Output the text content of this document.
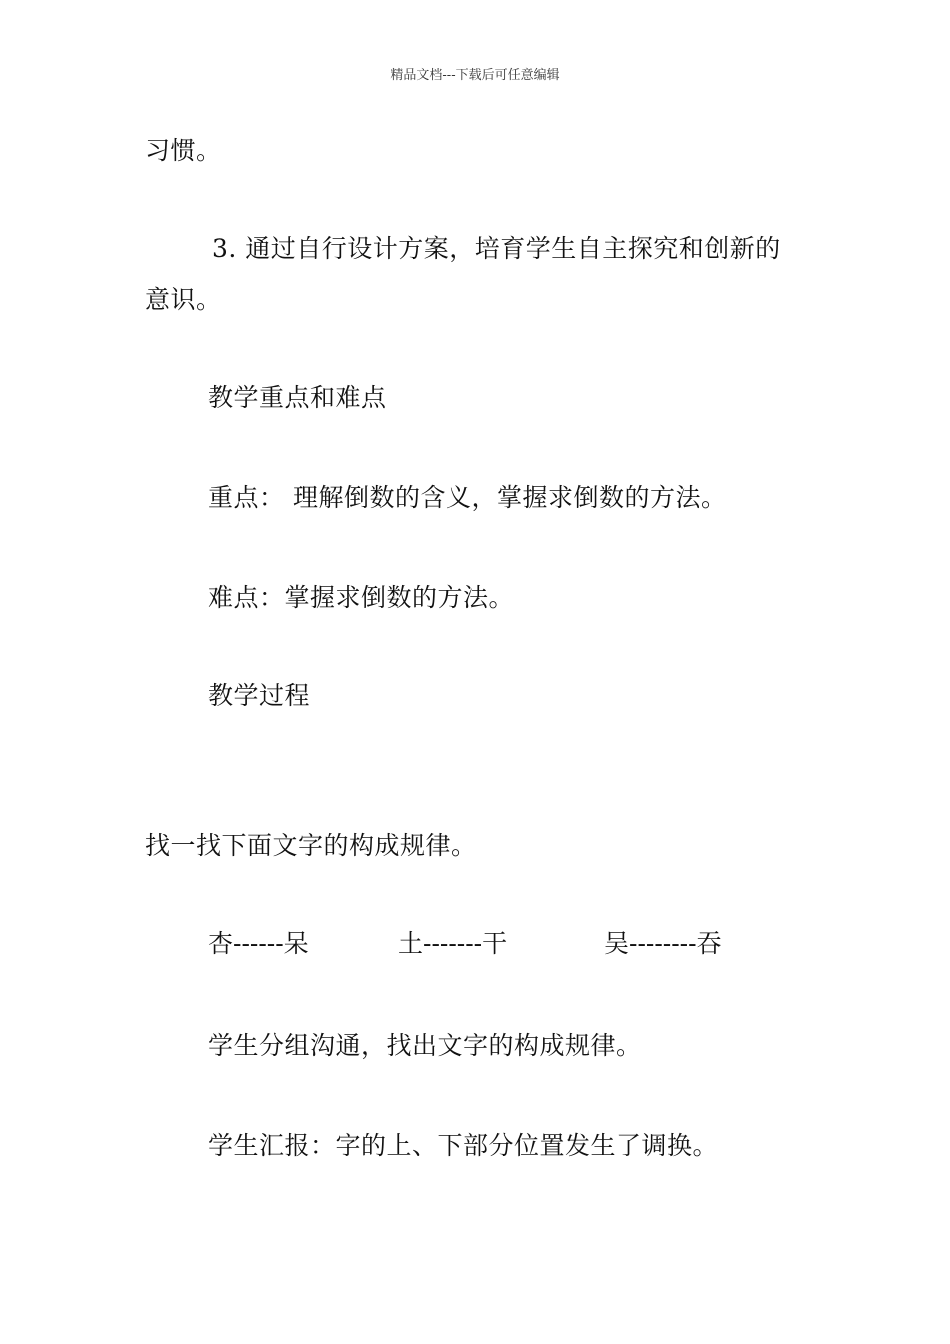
精品文档---下载后可任意编辑
习惯。
3. 通过自行设计方案，培育学生自主探究和创新的
意识。
教学重点和难点
重点： 理解倒数的含义，掌握求倒数的方法。
难点：掌握求倒数的方法。
教学过程
找一找下面文字的构成规律。
杏------呆	土-------干	吴--------吞
学生分组沟通，找出文字的构成规律。
学生汇报：字的上、下部分位置发生了调换。
